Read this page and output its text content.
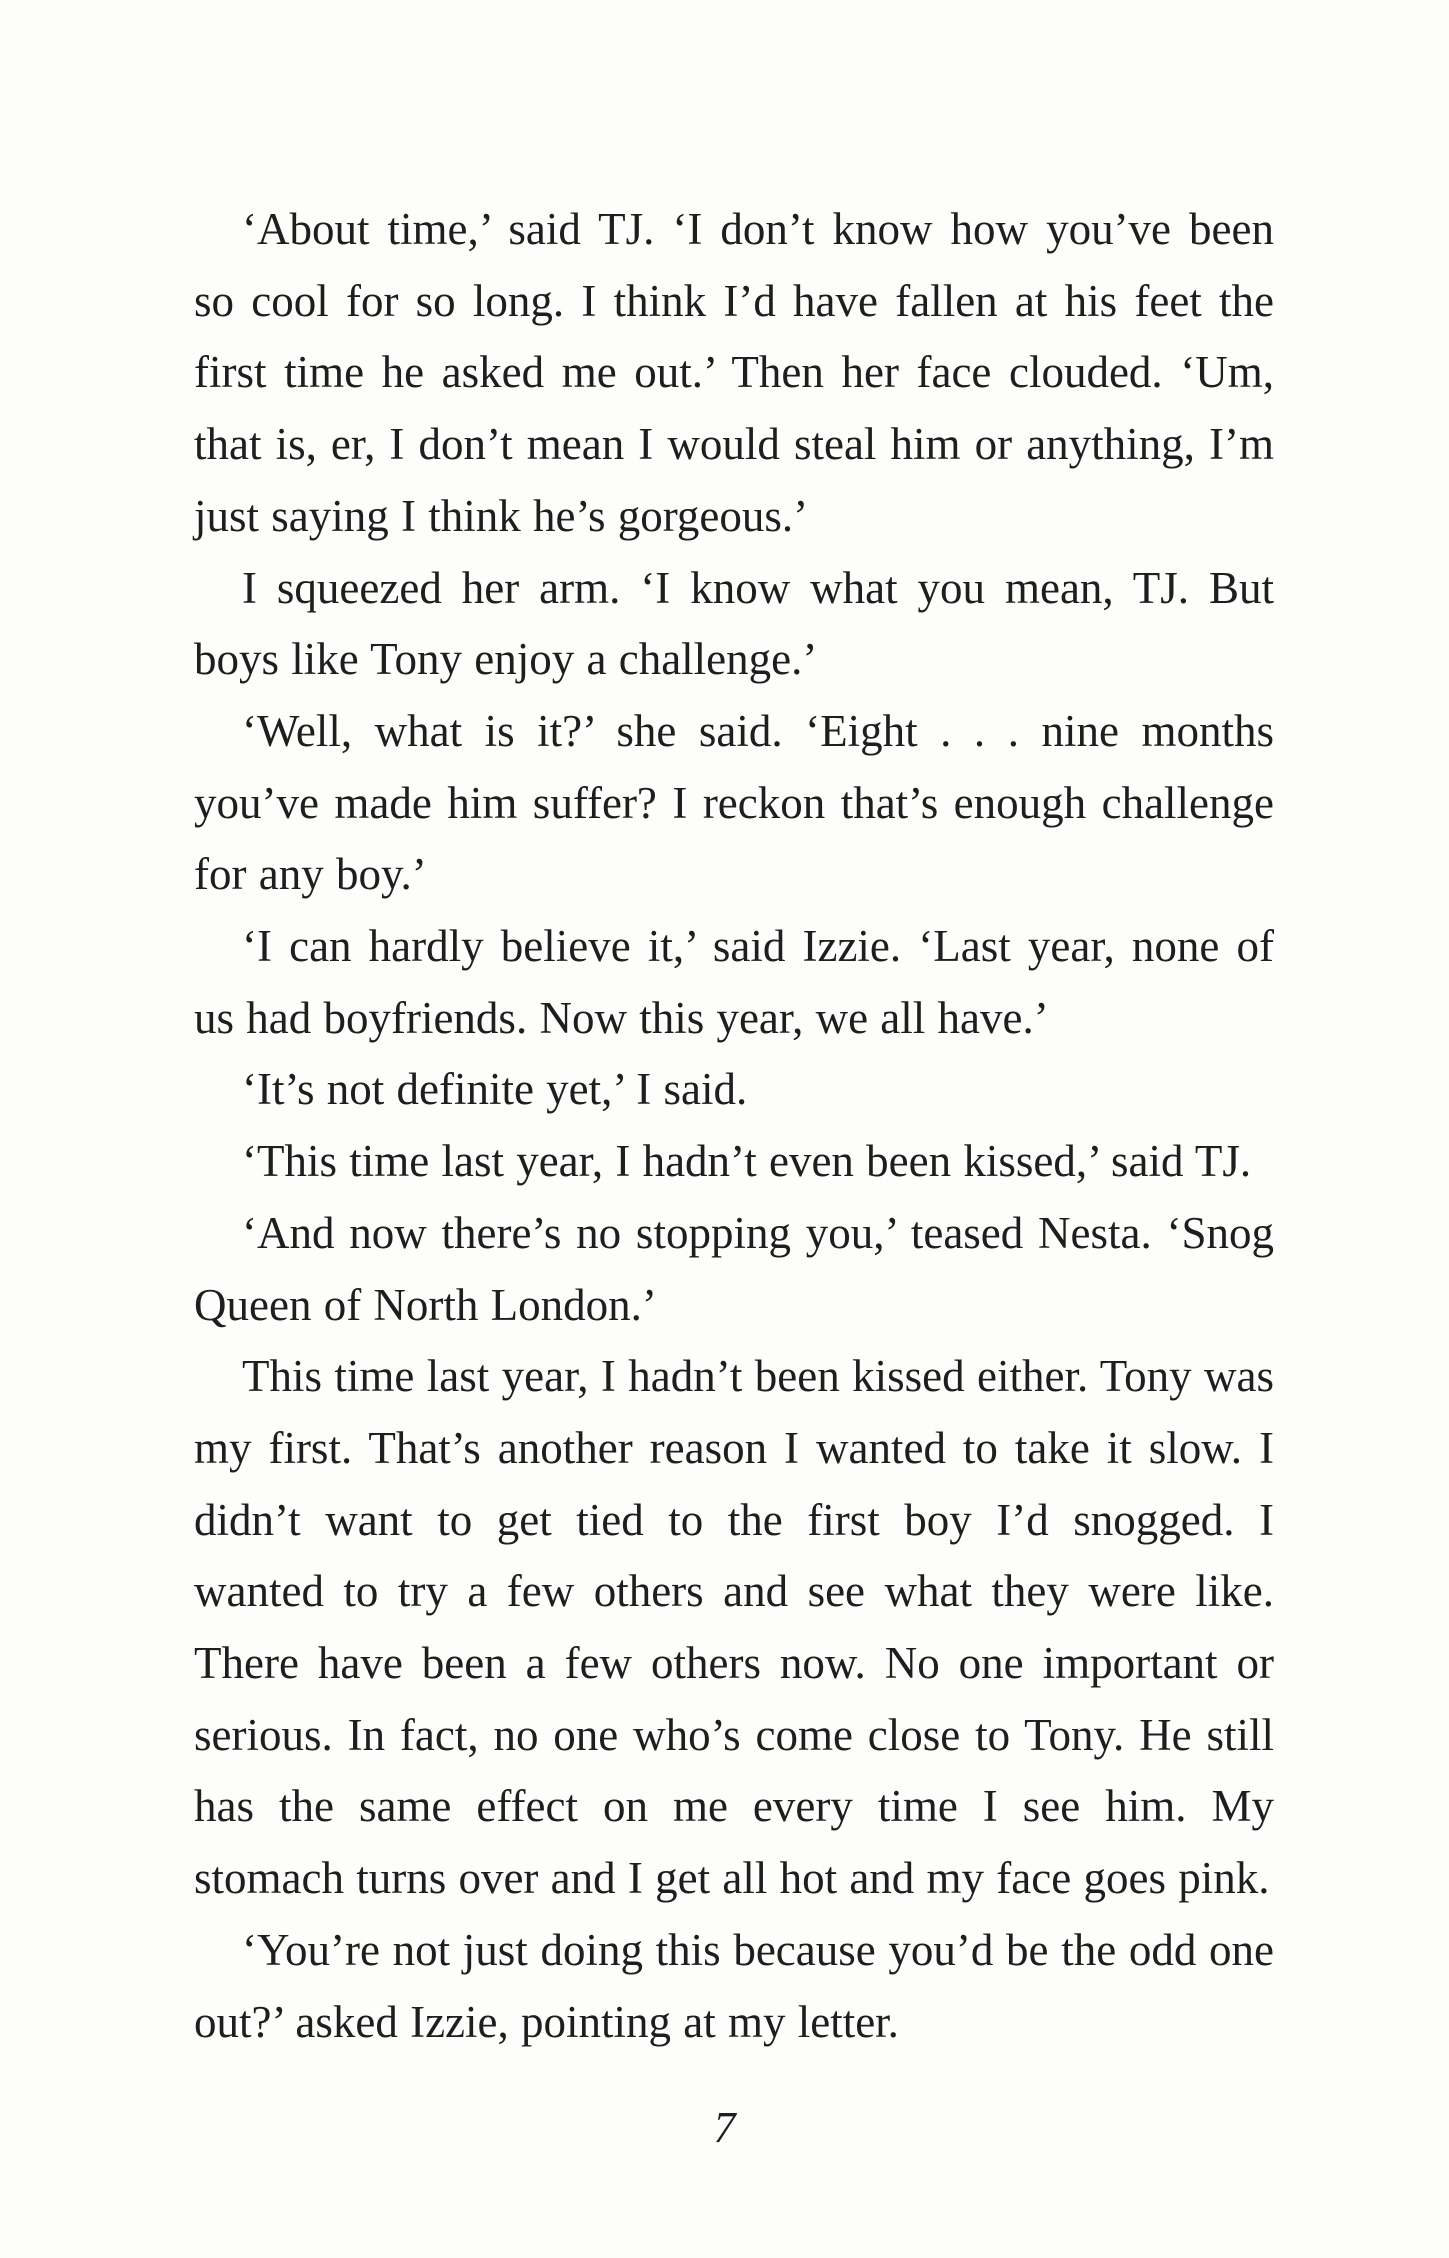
‘About time,’ said TJ. ‘I don’t know how you’ve been so cool for so long. I think I’d have fallen at his feet the first time he asked me out.’ Then her face clouded. ‘Um, that is, er, I don’t mean I would steal him or anything, I’m just saying I think he’s gorgeous.’

I squeezed her arm. ‘I know what you mean, TJ. But boys like Tony enjoy a challenge.’

‘Well, what is it?’ she said. ‘Eight . . . nine months you’ve made him suffer? I reckon that’s enough challenge for any boy.’

‘I can hardly believe it,’ said Izzie. ‘Last year, none of us had boyfriends. Now this year, we all have.’

‘It’s not definite yet,’ I said.

‘This time last year, I hadn’t even been kissed,’ said TJ.

‘And now there’s no stopping you,’ teased Nesta. ‘Snog Queen of North London.’

This time last year, I hadn’t been kissed either. Tony was my first. That’s another reason I wanted to take it slow. I didn’t want to get tied to the first boy I’d snogged. I wanted to try a few others and see what they were like. There have been a few others now. No one important or serious. In fact, no one who’s come close to Tony. He still has the same effect on me every time I see him. My stomach turns over and I get all hot and my face goes pink.

‘You’re not just doing this because you’d be the odd one out?’ asked Izzie, pointing at my letter.

7
